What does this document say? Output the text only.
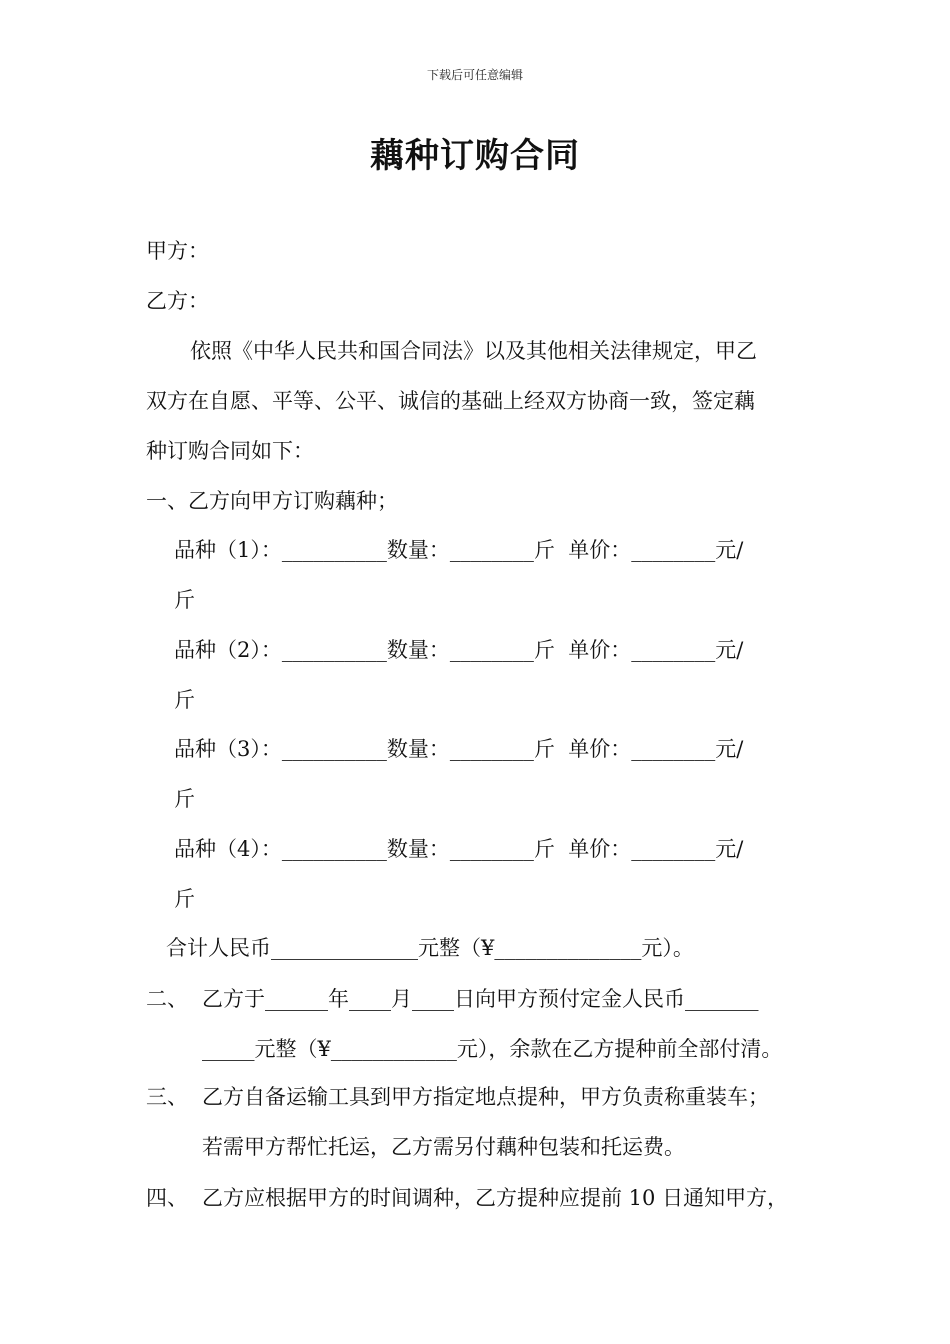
下载后可任意编辑
藕种订购合同

甲方：

乙方：

依照《中华人民共和国合同法》以及其他相关法律规定，甲乙

双方在自愿、平等、公平、诚信的基础上经双方协商一致，签定藕

种订购合同如下：

一、乙方向甲方订购藕种；

品种（1）：__________数量：________斤  单价：________元/

斤

品种（2）：__________数量：________斤  单价：________元/

斤

品种（3）：__________数量：________斤  单价：________元/

斤

品种（4）：__________数量：________斤  单价：________元/

斤

合计人民币______________元整（¥______________元）。

二、 乙方于______年____月____日向甲方预付定金人民币_______

_____元整（¥____________元），余款在乙方提种前全部付清。

三、 乙方自备运输工具到甲方指定地点提种，甲方负责称重装车；

若需甲方帮忙托运，乙方需另付藕种包装和托运费。

四、 乙方应根据甲方的时间调种，乙方提种应提前 10 日通知甲方，
